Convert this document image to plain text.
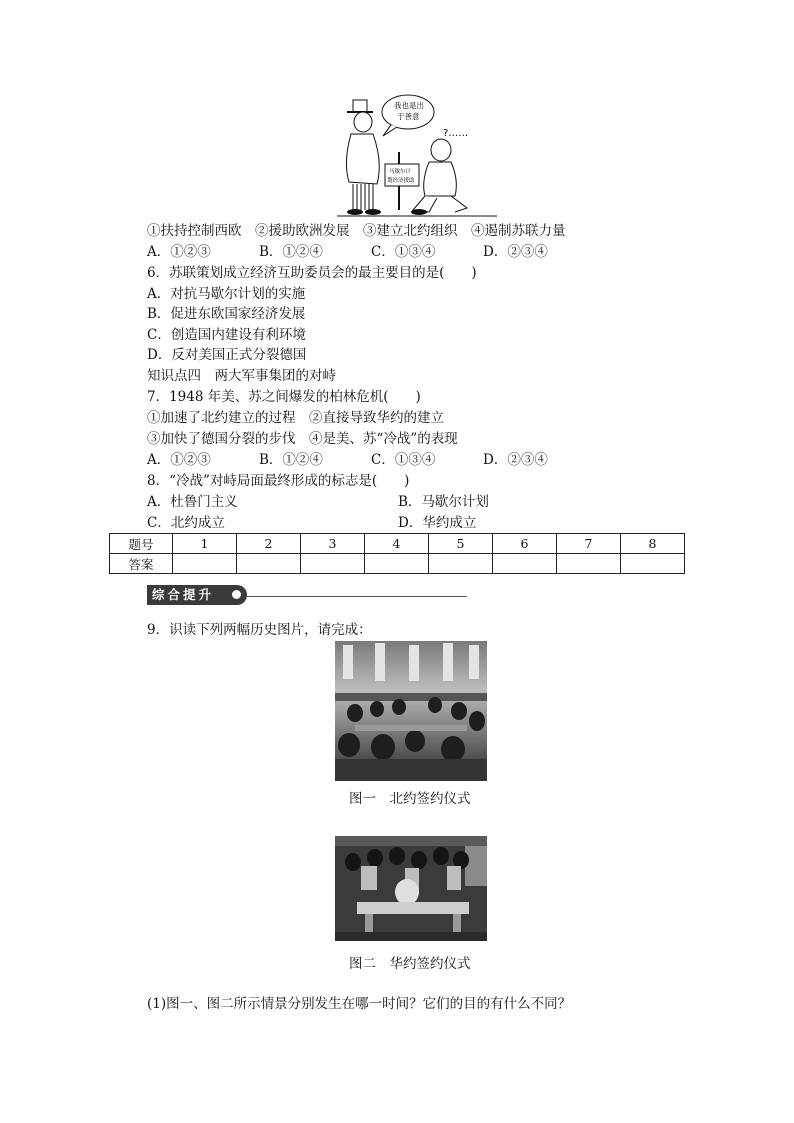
我也是出
于善意
?……
马歇尔计
划经济援助
①扶持控制西欧　②援助欧洲发展　③建立北约组织　④遏制苏联力量
A．①②③	B．①②④	C．①③④	D．②③④
6．苏联策划成立经济互助委员会的最主要目的是(　　)
A．对抗马歇尔计划的实施
B．促进东欧国家经济发展
C．创造国内建设有利环境
D．反对美国正式分裂德国
知识点四　两大军事集团的对峙
7．1948 年美、苏之间爆发的柏林危机(　　)
①加速了北约建立的过程　②直接导致华约的建立
③加快了德国分裂的步伐　④是美、苏“冷战”的表现
A．①②③	B．①②④	C．①③④	D．②③④
8．“冷战”对峙局面最终形成的标志是(　　)
A．杜鲁门主义	B．马歇尔计划
C．北约成立	D．华约成立
题号	1	2	3	4	5	6	7	8
答案								
综合提升
9．识读下列两幅历史图片，请完成：
图一　北约签约仪式
图二　华约签约仪式
(1)图一、图二所示情景分别发生在哪一时间？它们的目的有什么不同？
